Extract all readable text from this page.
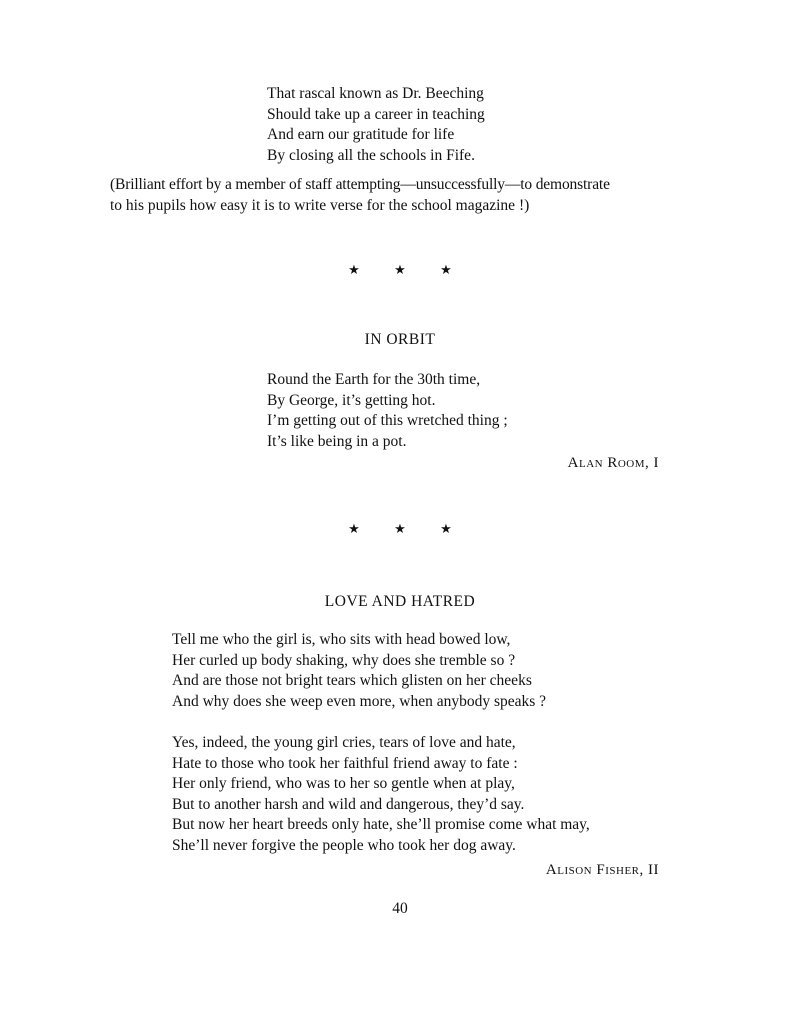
That rascal known as Dr. Beeching
Should take up a career in teaching
And earn our gratitude for life
By closing all the schools in Fife.
(Brilliant effort by a member of staff attempting—unsuccessfully—to demonstrate
to his pupils how easy it is to write verse for the school magazine !)
★	★	★
IN ORBIT
Round the Earth for the 30th time,
By George, it’s getting hot.
I’m getting out of this wretched thing ;
It’s like being in a pot.
Alan Room, I
★	★	★
LOVE AND HATRED
Tell me who the girl is, who sits with head bowed low,
Her curled up body shaking, why does she tremble so ?
And are those not bright tears which glisten on her cheeks
And why does she weep even more, when anybody speaks ?
Yes, indeed, the young girl cries, tears of love and hate,
Hate to those who took her faithful friend away to fate :
Her only friend, who was to her so gentle when at play,
But to another harsh and wild and dangerous, they’d say.
But now her heart breeds only hate, she’ll promise come what may,
She’ll never forgive the people who took her dog away.
Alison Fisher, II
40
